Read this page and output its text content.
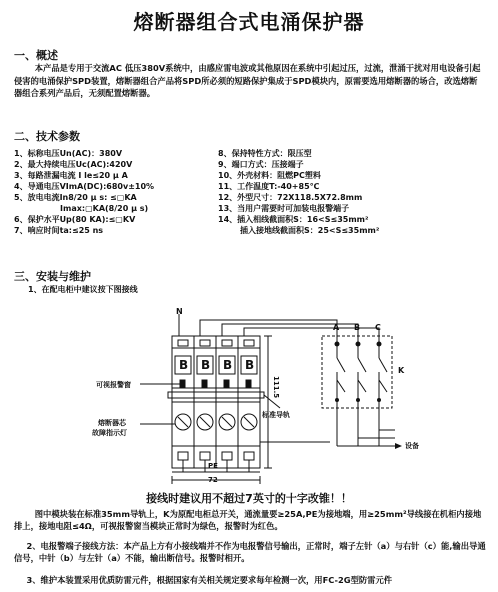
熔断器组合式电涌保护器
一、概述
本产品是专用于交流AC 低压380V系统中，由感应雷电波或其他原因在系统中引起过压，过流，泄涌干扰对用电设备引起侵害的电涌保护SPD装置，熔断器组合产品将SPD所必须的短路保护集成于SPD模块内，原需要选用熔断器的场合，改选熔断器组合系列产品后，无须配置熔断器。
二、技术参数
1、标称电压Un(AC)：380V
2、最大持续电压Uc(AC):420V
3、每路泄漏电流 I le≤20 μ A
4、导通电压VImA(DC):680v±10%
5、放电电流In8/20 μ s: ≤▢KA
Imax:▢KA(8/20 μ s)
6、保护水平Up(80 KA):≤▢KV
7、响应时间ta:≤25 ns
8、保持特性方式：限压型
9、端口方式：压接端子
10、外壳材料：阻燃PC塑料
11、工作温度T:-40+85℃
12、外型尺寸：72X118.5X72.8mm
13、当用户需要时可加装电报警端子
14、插入相线截面积S：16<S≤35mm²
插入接地线截面积S：25<S≤35mm²
三、安装与维护
1、在配电柜中建议按下图接线
N
B B B B
可视报警窗
熔断器芯
故障指示灯
标准导轨
111.5
PE
72
A B C
K
设备
接线时建议用不超过7英寸的十字改锥！！
图中模块装在标准35mm导轨上，K为原配电柜总开关，通流量要≥25A,PE为接地端，用≥25mm²导线接在机柜内接地排上，接地电阻≤4Ω，可视报警窗当模块正常时为绿色，报警时为红色。
2、电报警端子接线方法：本产品上方有小接线端并不作为电报警信号输出，正常时，端子左针（a）与右针（c）能,输出导通信号，中针（b）与左针（a）不能，输出断信号。报警时相开。
3、维护本装置采用优质防雷元件，根据国家有关相关规定要求每年检测一次，用FC-2G型防雷元件
